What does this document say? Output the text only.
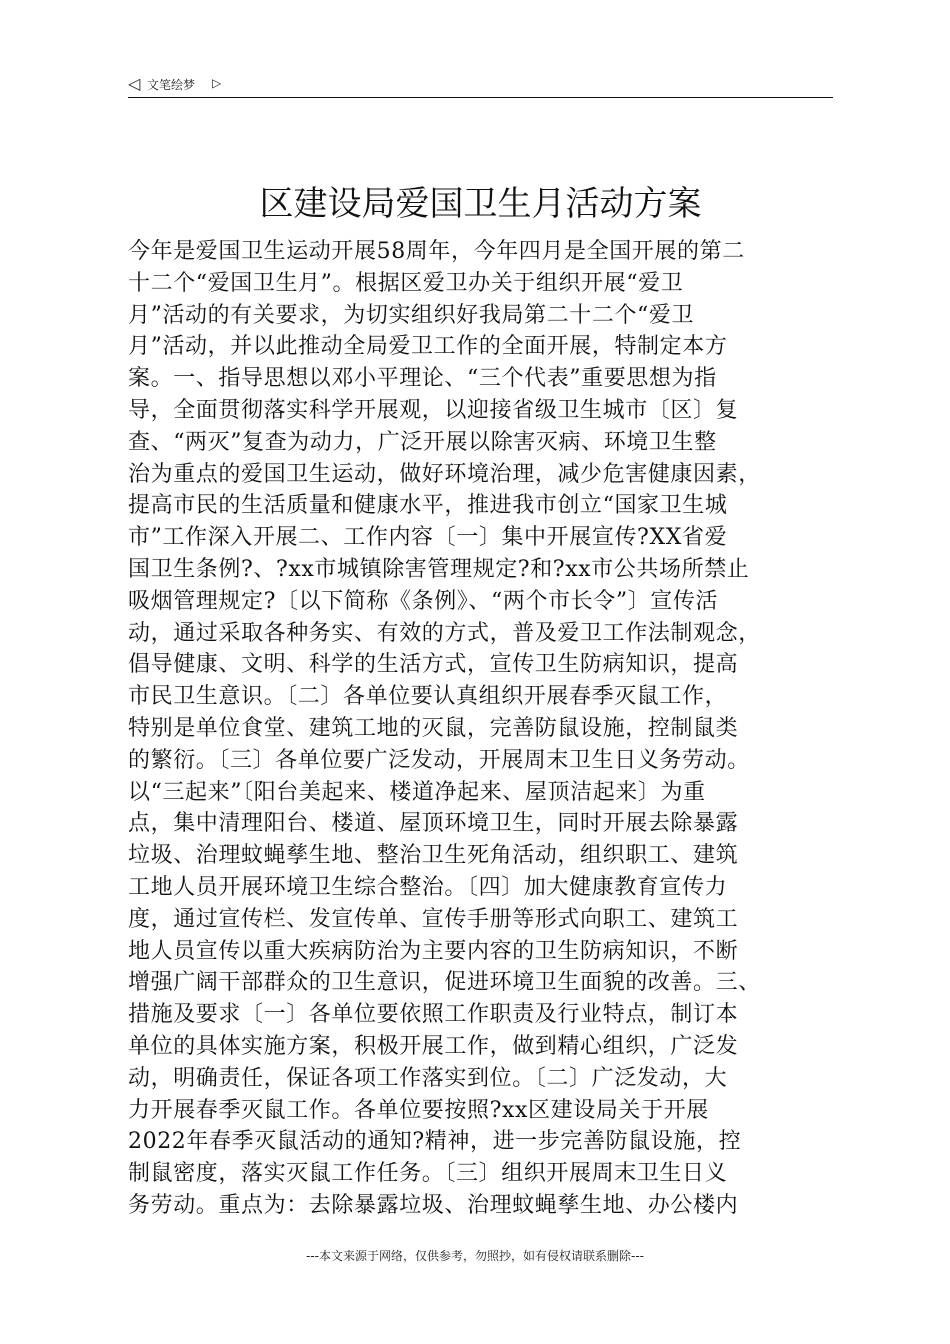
◁ 文笔绘梦 ▷
区建设局爱国卫生月活动方案
今年是爱国卫生运动开展58周年，今年四月是全国开展的第二
十二个“爱国卫生月”。根据区爱卫办关于组织开展“爱卫
月”活动的有关要求，为切实组织好我局第二十二个“爱卫
月”活动，并以此推动全局爱卫工作的全面开展，特制定本方
案。一、指导思想以邓小平理论、“三个代表”重要思想为指
导，全面贯彻落实科学开展观，以迎接省级卫生城市〔区〕复
查、“两灭”复查为动力，广泛开展以除害灭病、环境卫生整
治为重点的爱国卫生运动，做好环境治理，减少危害健康因素，
提高市民的生活质量和健康水平，推进我市创立“国家卫生城
市”工作深入开展二、工作内容〔一〕集中开展宣传?XX省爱
国卫生条例?、?xx市城镇除害管理规定?和?xx市公共场所禁止
吸烟管理规定?〔以下简称《条例》、“两个市长令”〕宣传活
动，通过采取各种务实、有效的方式，普及爱卫工作法制观念，
倡导健康、文明、科学的生活方式，宣传卫生防病知识，提高
市民卫生意识。〔二〕各单位要认真组织开展春季灭鼠工作，
特别是单位食堂、建筑工地的灭鼠，完善防鼠设施，控制鼠类
的繁衍。〔三〕各单位要广泛发动，开展周末卫生日义务劳动。
以“三起来”〔阳台美起来、楼道净起来、屋顶洁起来〕为重
点，集中清理阳台、楼道、屋顶环境卫生，同时开展去除暴露
垃圾、治理蚊蝇孳生地、整治卫生死角活动，组织职工、建筑
工地人员开展环境卫生综合整治。〔四〕加大健康教育宣传力
度，通过宣传栏、发宣传单、宣传手册等形式向职工、建筑工
地人员宣传以重大疾病防治为主要内容的卫生防病知识，不断
增强广阔干部群众的卫生意识，促进环境卫生面貌的改善。三、
措施及要求〔一〕各单位要依照工作职责及行业特点，制订本
单位的具体实施方案，积极开展工作，做到精心组织，广泛发
动，明确责任，保证各项工作落实到位。〔二〕广泛发动，大
力开展春季灭鼠工作。各单位要按照?xx区建设局关于开展
2022年春季灭鼠活动的通知?精神，进一步完善防鼠设施，控
制鼠密度，落实灭鼠工作任务。〔三〕组织开展周末卫生日义
务劳动。重点为：去除暴露垃圾、治理蚊蝇孳生地、办公楼内
---本文来源于网络，仅供参考，勿照抄，如有侵权请联系删除---
